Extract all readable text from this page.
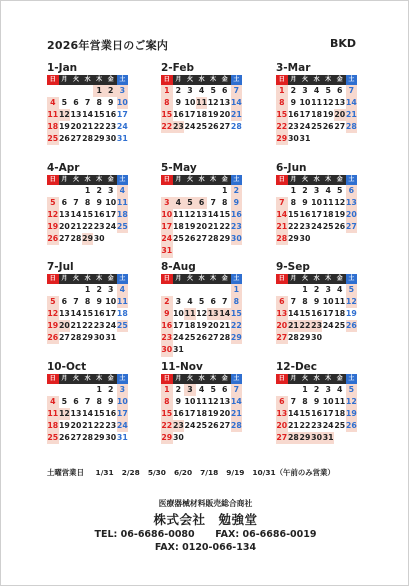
2026年営業日のご案内	BKD
1-Jan
日 月 火 水 木 金 土
1 2 3
4 5 6 7 8 9 10
11 12 13 14 15 16 17
18 19 20 21 22 23 24
25 26 27 28 29 30 31
2-Feb
日 月 火 水 木 金 土
1 2 3 4 5 6 7
8 9 10 11 12 13 14
15 16 17 18 19 20 21
22 23 24 25 26 27 28
3-Mar
日 月 火 水 木 金 土
1 2 3 4 5 6 7
8 9 10 11 12 13 14
15 16 17 18 19 20 21
22 23 24 25 26 27 28
29 30 31
4-Apr
日 月 火 水 木 金 土
1 2 3 4
5 6 7 8 9 10 11
12 13 14 15 16 17 18
19 20 21 22 23 24 25
26 27 28 29 30
5-May
日 月 火 水 木 金 土
1 2
3 4 5 6 7 8 9
10 11 12 13 14 15 16
17 18 19 20 21 22 23
24 25 26 27 28 29 30
31
6-Jun
日 月 火 水 木 金 土
1 2 3 4 5 6
7 8 9 10 11 12 13
14 15 16 17 18 19 20
21 22 23 24 25 26 27
28 29 30
7-Jul
日 月 火 水 木 金 土
1 2 3 4
5 6 7 8 9 10 11
12 13 14 15 16 17 18
19 20 21 22 23 24 25
26 27 28 29 30 31
8-Aug
日 月 火 水 木 金 土
1
2 3 4 5 6 7 8
9 10 11 12 13 14 15
16 17 18 19 20 21 22
23 24 25 26 27 28 29
30 31
9-Sep
日 月 火 水 木 金 土
1 2 3 4 5
6 7 8 9 10 11 12
13 14 15 16 17 18 19
20 21 22 23 24 25 26
27 28 29 30
10-Oct
日 月 火 水 木 金 土
1 2 3
4 5 6 7 8 9 10
11 12 13 14 15 16 17
18 19 20 21 22 23 24
25 26 27 28 29 30 31
11-Nov
日 月 火 水 木 金 土
1 2 3 4 5 6 7
8 9 10 11 12 13 14
15 16 17 18 19 20 21
22 23 24 25 26 27 28
29 30
12-Dec
日 月 火 水 木 金 土
1 2 3 4 5
6 7 8 9 10 11 12
13 14 15 16 17 18 19
20 21 22 23 24 25 26
27 28 29 30 31
土曜営業日 1/31 2/28 5/30 6/20 7/18 9/19 10/31（午前のみ営業）
医療器械材料販売総合商社
株式会社　勉強堂
TEL: 06-6686-0080 FAX: 06-6686-0019
FAX: 0120-066-134
